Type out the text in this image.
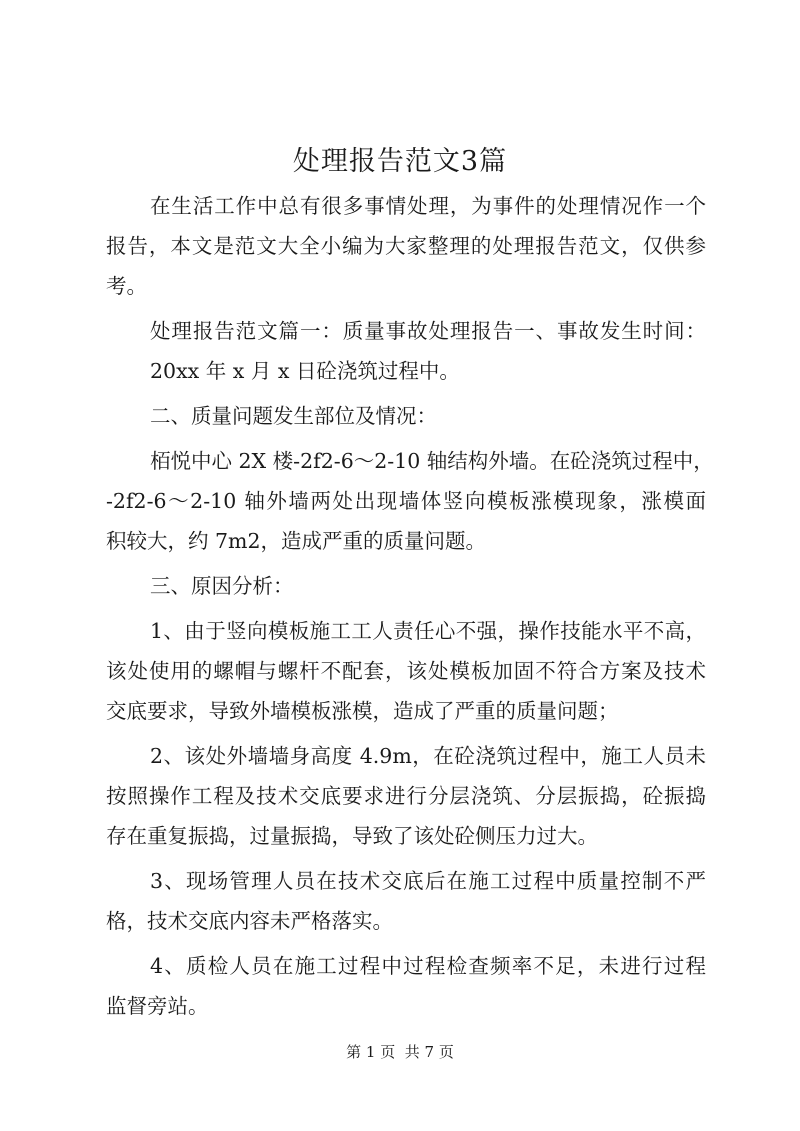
处理报告范文3篇
在生活工作中总有很多事情处理，为事件的处理情况作一个
报告，本文是范文大全小编为大家整理的处理报告范文，仅供参
考。
处理报告范文篇一：质量事故处理报告一、事故发生时间：
20xx 年 x 月 x 日砼浇筑过程中。
二、质量问题发生部位及情况：
栢悦中心 2X 楼-2f2-6～2-10 轴结构外墙。在砼浇筑过程中，
-2f2-6～2-10 轴外墙两处出现墙体竖向模板涨模现象，涨模面
积较大，约 7m2，造成严重的质量问题。
三、原因分析：
1、由于竖向模板施工工人责任心不强，操作技能水平不高，
该处使用的螺帽与螺杆不配套，该处模板加固不符合方案及技术
交底要求，导致外墙模板涨模，造成了严重的质量问题；
2、该处外墙墙身高度 4.9m，在砼浇筑过程中，施工人员未
按照操作工程及技术交底要求进行分层浇筑、分层振捣，砼振捣
存在重复振捣，过量振捣，导致了该处砼侧压力过大。
3、现场管理人员在技术交底后在施工过程中质量控制不严
格，技术交底内容未严格落实。
4、质检人员在施工过程中过程检查频率不足，未进行过程
监督旁站。
第 1 页  共 7 页
